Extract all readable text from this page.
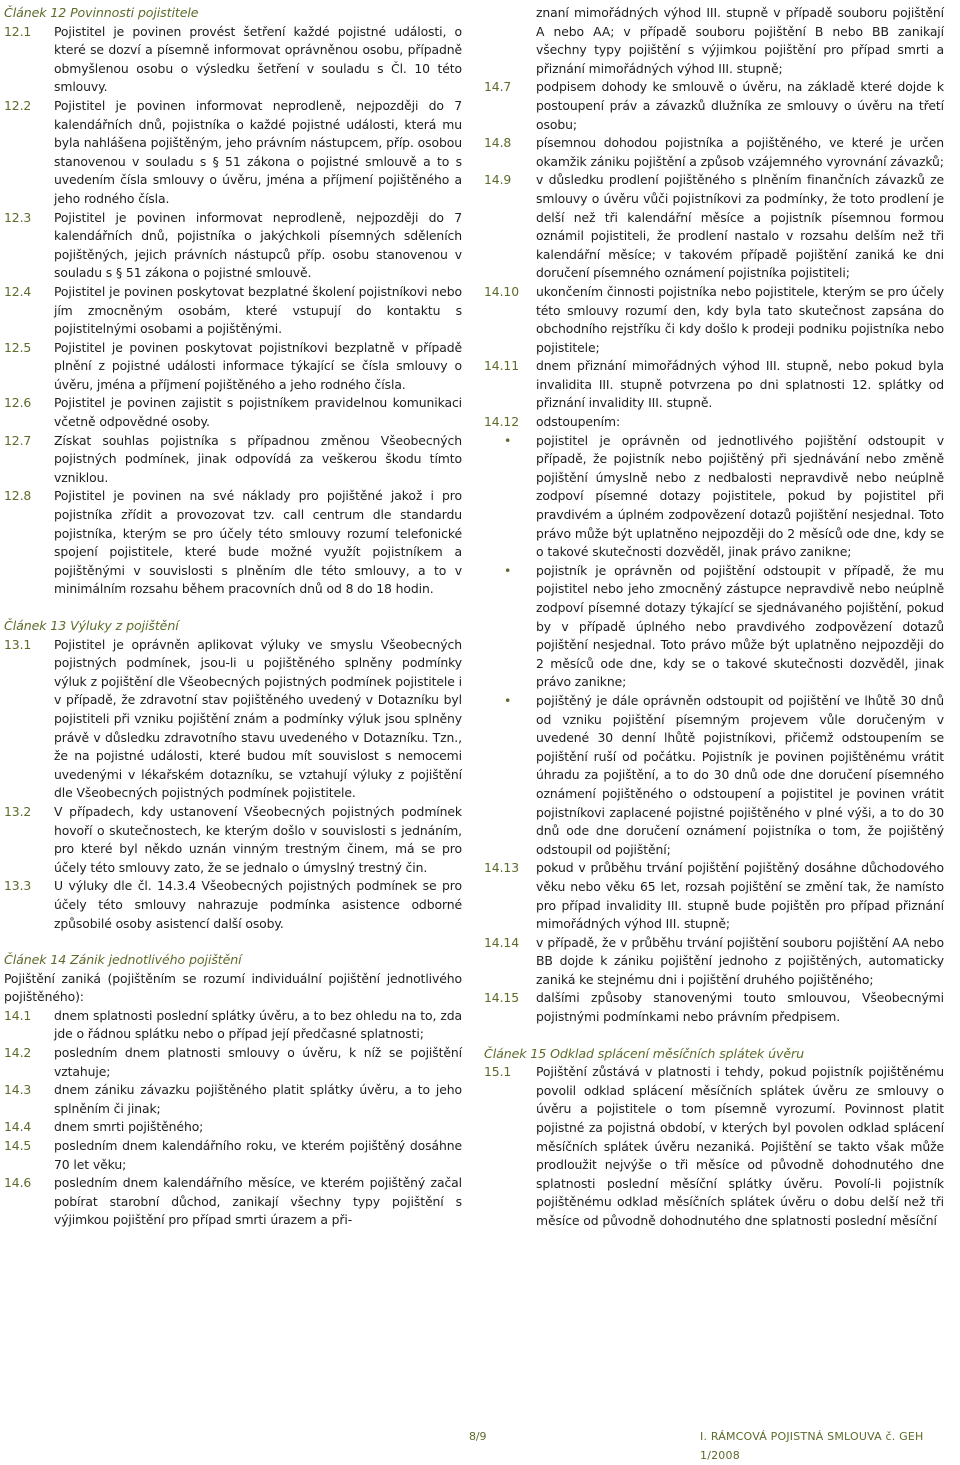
Článek 12 Povinnosti pojistitele

12.1	Pojistitel je povinen provést šetření každé pojistné události, o které se dozví a písemně informovat oprávněnou osobu, případně obmyšlenou osobu o výsledku šetření v souladu s Čl. 10 této smlouvy.
12.2	Pojistitel je povinen informovat neprodleně, nejpozději do 7 kalendářních dnů, pojistníka o každé pojistné události, která mu byla nahlášena pojištěným, jeho právním nástupcem, příp. osobou stanovenou v souladu s § 51 zákona o pojistné smlouvě a to s uvedením čísla smlouvy o úvěru, jména a příjmení pojištěného a jeho rodného čísla.
12.3	Pojistitel je povinen informovat neprodleně, nejpozději do 7 kalendářních dnů, pojistníka o jakýchkoli písemných sděleních pojištěných, jejich právních nástupců příp. osobu stanovenou v souladu s § 51 zákona o pojistné smlouvě.
12.4	Pojistitel je povinen poskytovat bezplatné školení pojistníkovi nebo jím zmocněným osobám, které vstupují do kontaktu s pojistitelnými osobami a pojištěnými.
12.5	Pojistitel je povinen poskytovat pojistníkovi bezplatně v případě plnění z pojistné události informace týkající se čísla smlouvy o úvěru, jména a příjmení pojištěného a jeho rodného čísla.
12.6	Pojistitel je povinen zajistit s pojistníkem pravidelnou komunikaci včetně odpovědné osoby.
12.7	Získat souhlas pojistníka s případnou změnou Všeobecných pojistných podmínek, jinak odpovídá za veškerou škodu tímto vzniklou.
12.8	Pojistitel je povinen na své náklady pro pojištěné jakož i pro pojistníka zřídit a provozovat tzv. call centrum dle standardu pojistníka, kterým se pro účely této smlouvy rozumí telefonické spojení pojistitele, které bude možné využít pojistníkem a pojištěnými v souvislosti s plněním dle této smlouvy, a to v minimálním rozsahu během pracovních dnů od 8 do 18 hodin.

Článek 13 Výluky z pojištění

13.1	Pojistitel je oprávněn aplikovat výluky ve smyslu Všeobecných pojistných podmínek, jsou-li u pojištěného splněny podmínky výluk z pojištění dle Všeobecných pojistných podmínek pojistitele i v případě, že zdravotní stav pojištěného uvedený v Dotazníku byl pojistiteli při vzniku pojištění znám a podmínky výluk jsou splněny právě v důsledku zdravotního stavu uvedeného v Dotazníku. Tzn., že na pojistné události, které budou mít souvislost s nemocemi uvedenými v lékařském dotazníku, se vztahují výluky z pojištění dle Všeobecných pojistných podmínek pojistitele.
13.2	V případech, kdy ustanovení Všeobecných pojistných podmínek hovoří o skutečnostech, ke kterým došlo v souvislosti s jednáním, pro které byl někdo uznán vinným trestným činem, má se pro účely této smlouvy zato, že se jednalo o úmyslný trestný čin.
13.3	U výluky dle čl. 14.3.4 Všeobecných pojistných podmínek se pro účely této smlouvy nahrazuje podmínka asistence odborné způsobilé osoby asistencí další osoby.

Článek 14 Zánik jednotlivého pojištění

Pojištění zaniká (pojištěním se rozumí individuální pojištění jednotlivého pojištěného):

14.1	dnem splatnosti poslední splátky úvěru, a to bez ohledu na to, zda jde o řádnou splátku nebo o případ její předčasné splatnosti;
14.2	posledním dnem platnosti smlouvy o úvěru, k níž se pojištění vztahuje;
14.3	dnem zániku závazku pojištěného platit splátky úvěru, a to jeho splněním či jinak;
14.4	dnem smrti pojištěného;
14.5	posledním dnem kalendářního roku, ve kterém pojištěný dosáhne 70 let věku;
14.6	posledním dnem kalendářního měsíce, ve kterém pojištěný začal pobírat starobní důchod, zanikají všechny typy pojištění s výjimkou pojištění pro případ smrti úrazem a při-
znaní mimořádných výhod III. stupně v případě souboru pojištění A nebo AA; v případě souboru pojištění B nebo BB zanikají všechny typy pojištění s výjimkou pojištění pro případ smrti a přiznání mimořádných výhod III. stupně;
14.7	podpisem dohody ke smlouvě o úvěru, na základě které dojde k postoupení práv a závazků dlužníka ze smlouvy o úvěru na třetí osobu;
14.8	písemnou dohodou pojistníka a pojištěného, ve které je určen okamžik zániku pojištění a způsob vzájemného vyrovnání závazků;
14.9	v důsledku prodlení pojištěného s plněním finančních závazků ze smlouvy o úvěru vůči pojistníkovi za podmínky, že toto prodlení je delší než tři kalendářní měsíce a pojistník písemnou formou oznámil pojistiteli, že prodlení nastalo v rozsahu delším než tři kalendářní měsíce; v takovém případě pojištění zaniká ke dni doručení písemného oznámení pojistníka pojistiteli;
14.10	ukončením činnosti pojistníka nebo pojistitele, kterým se pro účely této smlouvy rozumí den, kdy byla tato skutečnost zapsána do obchodního rejstříku či kdy došlo k prodeji podniku pojistníka nebo pojistitele;
14.11	dnem přiznání mimořádných výhod III. stupně, nebo pokud byla invalidita III. stupně potvrzena po dni splatnosti 12. splátky od přiznání invalidity III. stupně.
14.12	odstoupením:
•	pojistitel je oprávněn od jednotlivého pojištění odstoupit v případě, že pojistník nebo pojištěný při sjednávání nebo změně pojištění úmyslně nebo z nedbalosti nepravdivě nebo neúplně zodpoví písemné dotazy pojistitele, pokud by pojistitel při pravdivém a úplném zodpovězení dotazů pojištění nesjednal. Toto právo může být uplatněno nejpozději do 2 měsíců ode dne, kdy se o takové skutečnosti dozvěděl, jinak právo zanikne;
•	pojistník je oprávněn od pojištění odstoupit v případě, že mu pojistitel nebo jeho zmocněný zástupce nepravdivě nebo neúplně zodpoví písemné dotazy týkající se sjednávaného pojištění, pokud by v případě úplného nebo pravdivého zodpovězení dotazů pojištění nesjednal. Toto právo může být uplatněno nejpozději do 2 měsíců ode dne, kdy se o takové skutečnosti dozvěděl, jinak právo zanikne;
•	pojištěný je dále oprávněn odstoupit od pojištění ve lhůtě 30 dnů od vzniku pojištění písemným projevem vůle doručeným v uvedené 30 denní lhůtě pojistníkovi, přičemž odstoupením se pojištění ruší od počátku. Pojistník je povinen pojištěnému vrátit úhradu za pojištění, a to do 30 dnů ode dne doručení písemného oznámení pojištěného o odstoupení a pojistitel je povinen vrátit pojistníkovi zaplacené pojistné pojištěného v plné výši, a to do 30 dnů ode dne doručení oznámení pojistníka o tom, že pojištěný odstoupil od pojištění;
14.13	pokud v průběhu trvání pojištění pojištěný dosáhne důchodového věku nebo věku 65 let, rozsah pojištění se změní tak, že namísto pro případ invalidity III. stupně bude pojištěn pro případ přiznání mimořádných výhod III. stupně;
14.14	v případě, že v průběhu trvání pojištění souboru pojištění AA nebo BB dojde k zániku pojištění jednoho z pojištěných, automaticky zaniká ke stejnému dni i pojištění druhého pojištěného;
14.15	dalšími způsoby stanovenými touto smlouvou, Všeobecnými pojistnými podmínkami nebo právním předpisem.

Článek 15 Odklad splácení měsíčních splátek úvěru

15.1	Pojištění zůstává v platnosti i tehdy, pokud pojistník pojištěnému povolil odklad splácení měsíčních splátek úvěru ze smlouvy o úvěru a pojistitele o tom písemně vyrozumí. Povinnost platit pojistné za pojistná období, v kterých byl povolen odklad splácení měsíčních splátek úvěru nezaniká. Pojištění se takto však může prodloužit nejvýše o tři měsíce od původně dohodnutého dne splatnosti poslední měsíční splátky úvěru. Povolí-li pojistník pojištěnému odklad měsíčních splátek úvěru o dobu delší než tři měsíce od původně dohodnutého dne splatnosti poslední měsíční
8/9	I. RÁMCOVÁ POJISTNÁ SMLOUVA č. GEH 1/2008
